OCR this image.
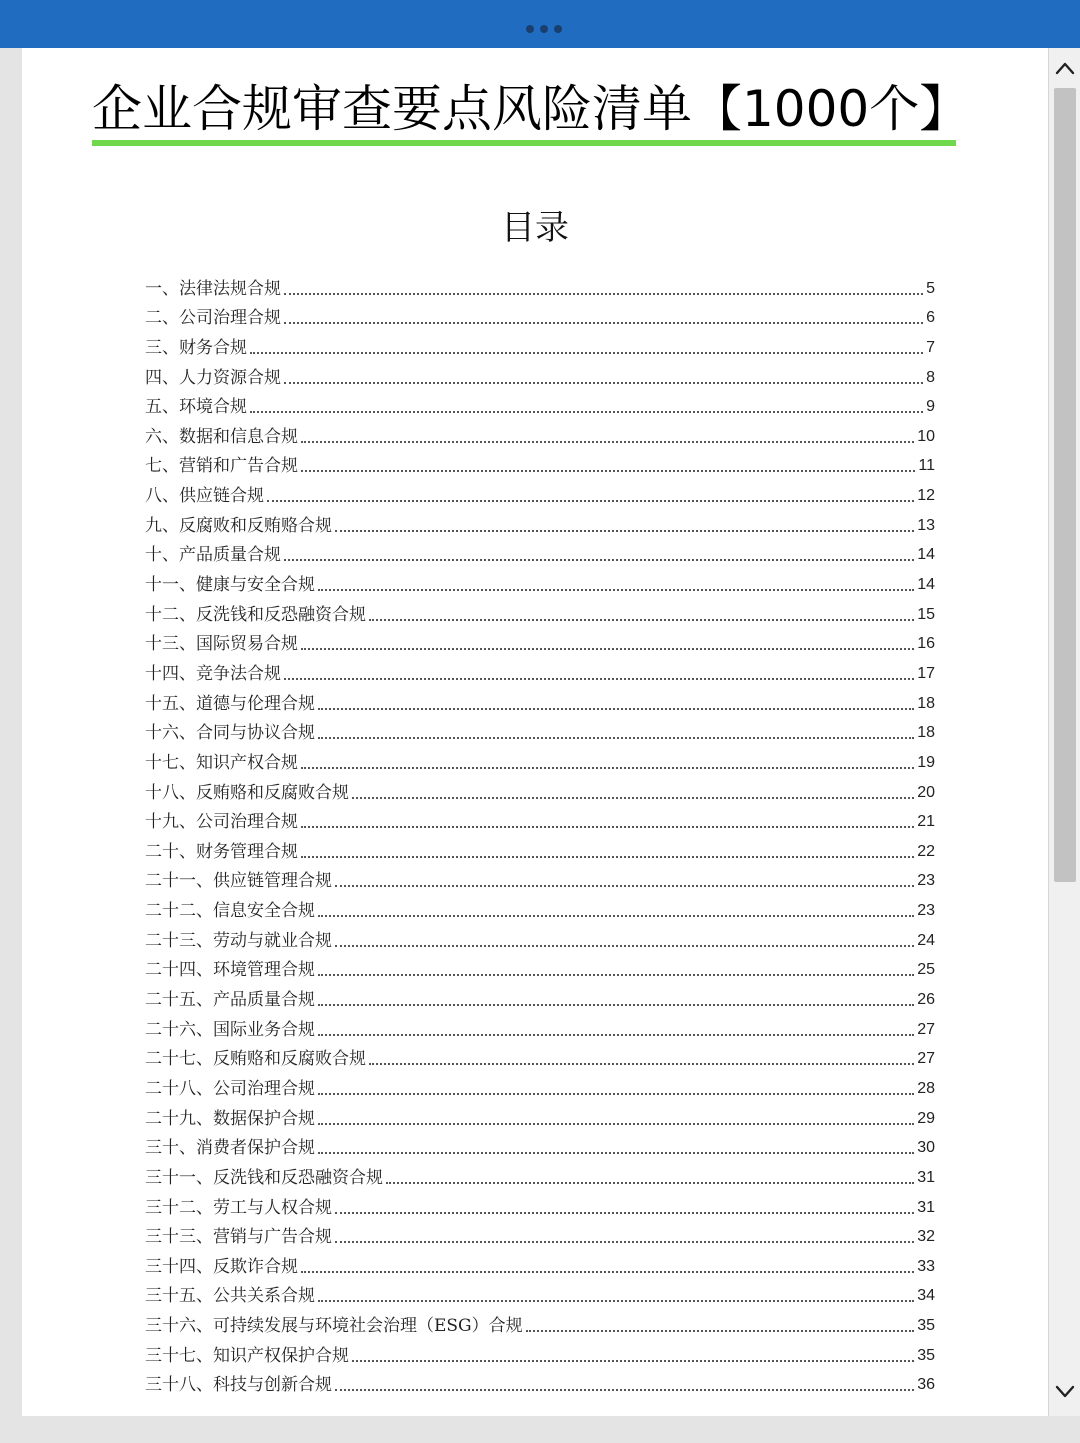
企业合规审查要点风险清单【1000个】
目录
一、法律法规合规	5
二、公司治理合规	6
三、财务合规	7
四、人力资源合规	8
五、环境合规	9
六、数据和信息合规	10
七、营销和广告合规	11
八、供应链合规	12
九、反腐败和反贿赂合规	13
十、产品质量合规	14
十一、健康与安全合规	14
十二、反洗钱和反恐融资合规	15
十三、国际贸易合规	16
十四、竞争法合规	17
十五、道德与伦理合规	18
十六、合同与协议合规	18
十七、知识产权合规	19
十八、反贿赂和反腐败合规	20
十九、公司治理合规	21
二十、财务管理合规	22
二十一、供应链管理合规	23
二十二、信息安全合规	23
二十三、劳动与就业合规	24
二十四、环境管理合规	25
二十五、产品质量合规	26
二十六、国际业务合规	27
二十七、反贿赂和反腐败合规	27
二十八、公司治理合规	28
二十九、数据保护合规	29
三十、消费者保护合规	30
三十一、反洗钱和反恐融资合规	31
三十二、劳工与人权合规	31
三十三、营销与广告合规	32
三十四、反欺诈合规	33
三十五、公共关系合规	34
三十六、可持续发展与环境社会治理（ESG）合规	35
三十七、知识产权保护合规	35
三十八、科技与创新合规	36
